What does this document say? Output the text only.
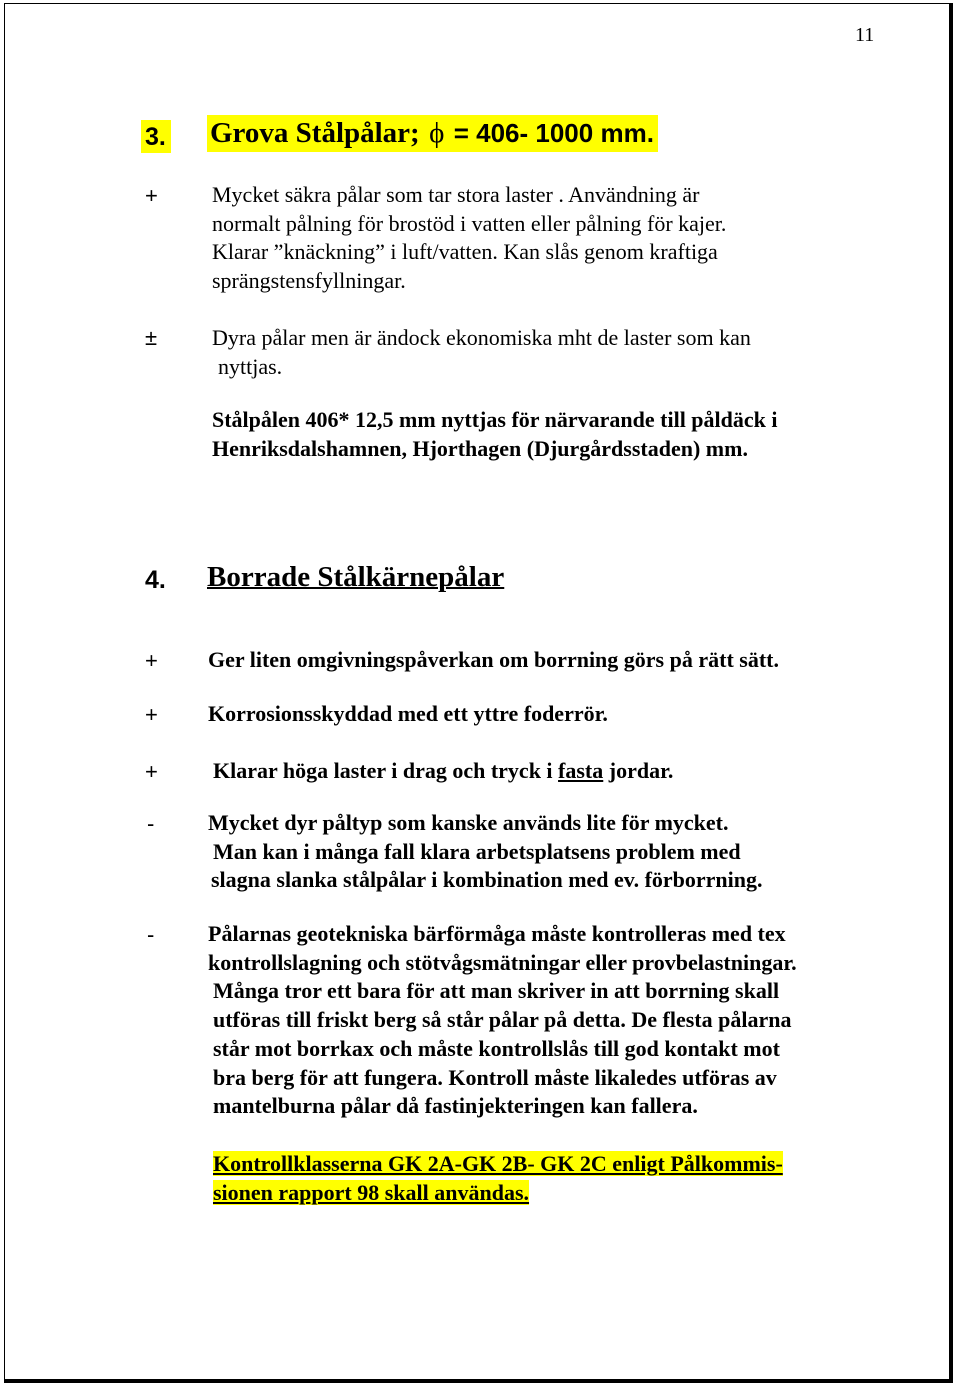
11
3. Grova Stålpålar; ϕ = 406- 1000 mm.
+ Mycket säkra pålar som tar stora laster . Användning är
normalt pålning för brostöd i vatten eller pålning för kajer.
Klarar ”knäckning” i luft/vatten. Kan slås genom kraftiga
sprängstensfyllningar.
± Dyra pålar men är ändock ekonomiska mht de laster som kan
nyttjas.
Stålpålen 406* 12,5 mm nyttjas för närvarande till påldäck i
Henriksdalshamnen, Hjorthagen (Djurgårdsstaden) mm.
4. Borrade Stålkärnepålar
+ Ger liten omgivningspåverkan om borrning görs på rätt sätt.
+ Korrosionsskyddad med ett yttre foderrör.
+	Klarar höga laster i drag och tryck i fasta jordar.
- Mycket dyr påltyp som kanske används lite för mycket.
Man kan i många fall klara arbetsplatsens problem med
slagna slanka stålpålar i kombination med ev. förborrning.
- Pålarnas geotekniska bärförmåga måste kontrolleras med tex
kontrollslagning och stötvågsmätningar eller provbelastningar.
Många tror ett bara för att man skriver in att borrning skall
utföras till friskt berg så står pålar på detta. De flesta pålarna
står mot borrkax och måste kontrollslås till god kontakt mot
bra berg för att fungera. Kontroll måste likaledes utföras av
mantelburna pålar då fastinjekteringen kan fallera.
Kontrollklasserna GK 2A-GK 2B- GK 2C enligt Pålkommis-
sionen rapport 98 skall användas.
